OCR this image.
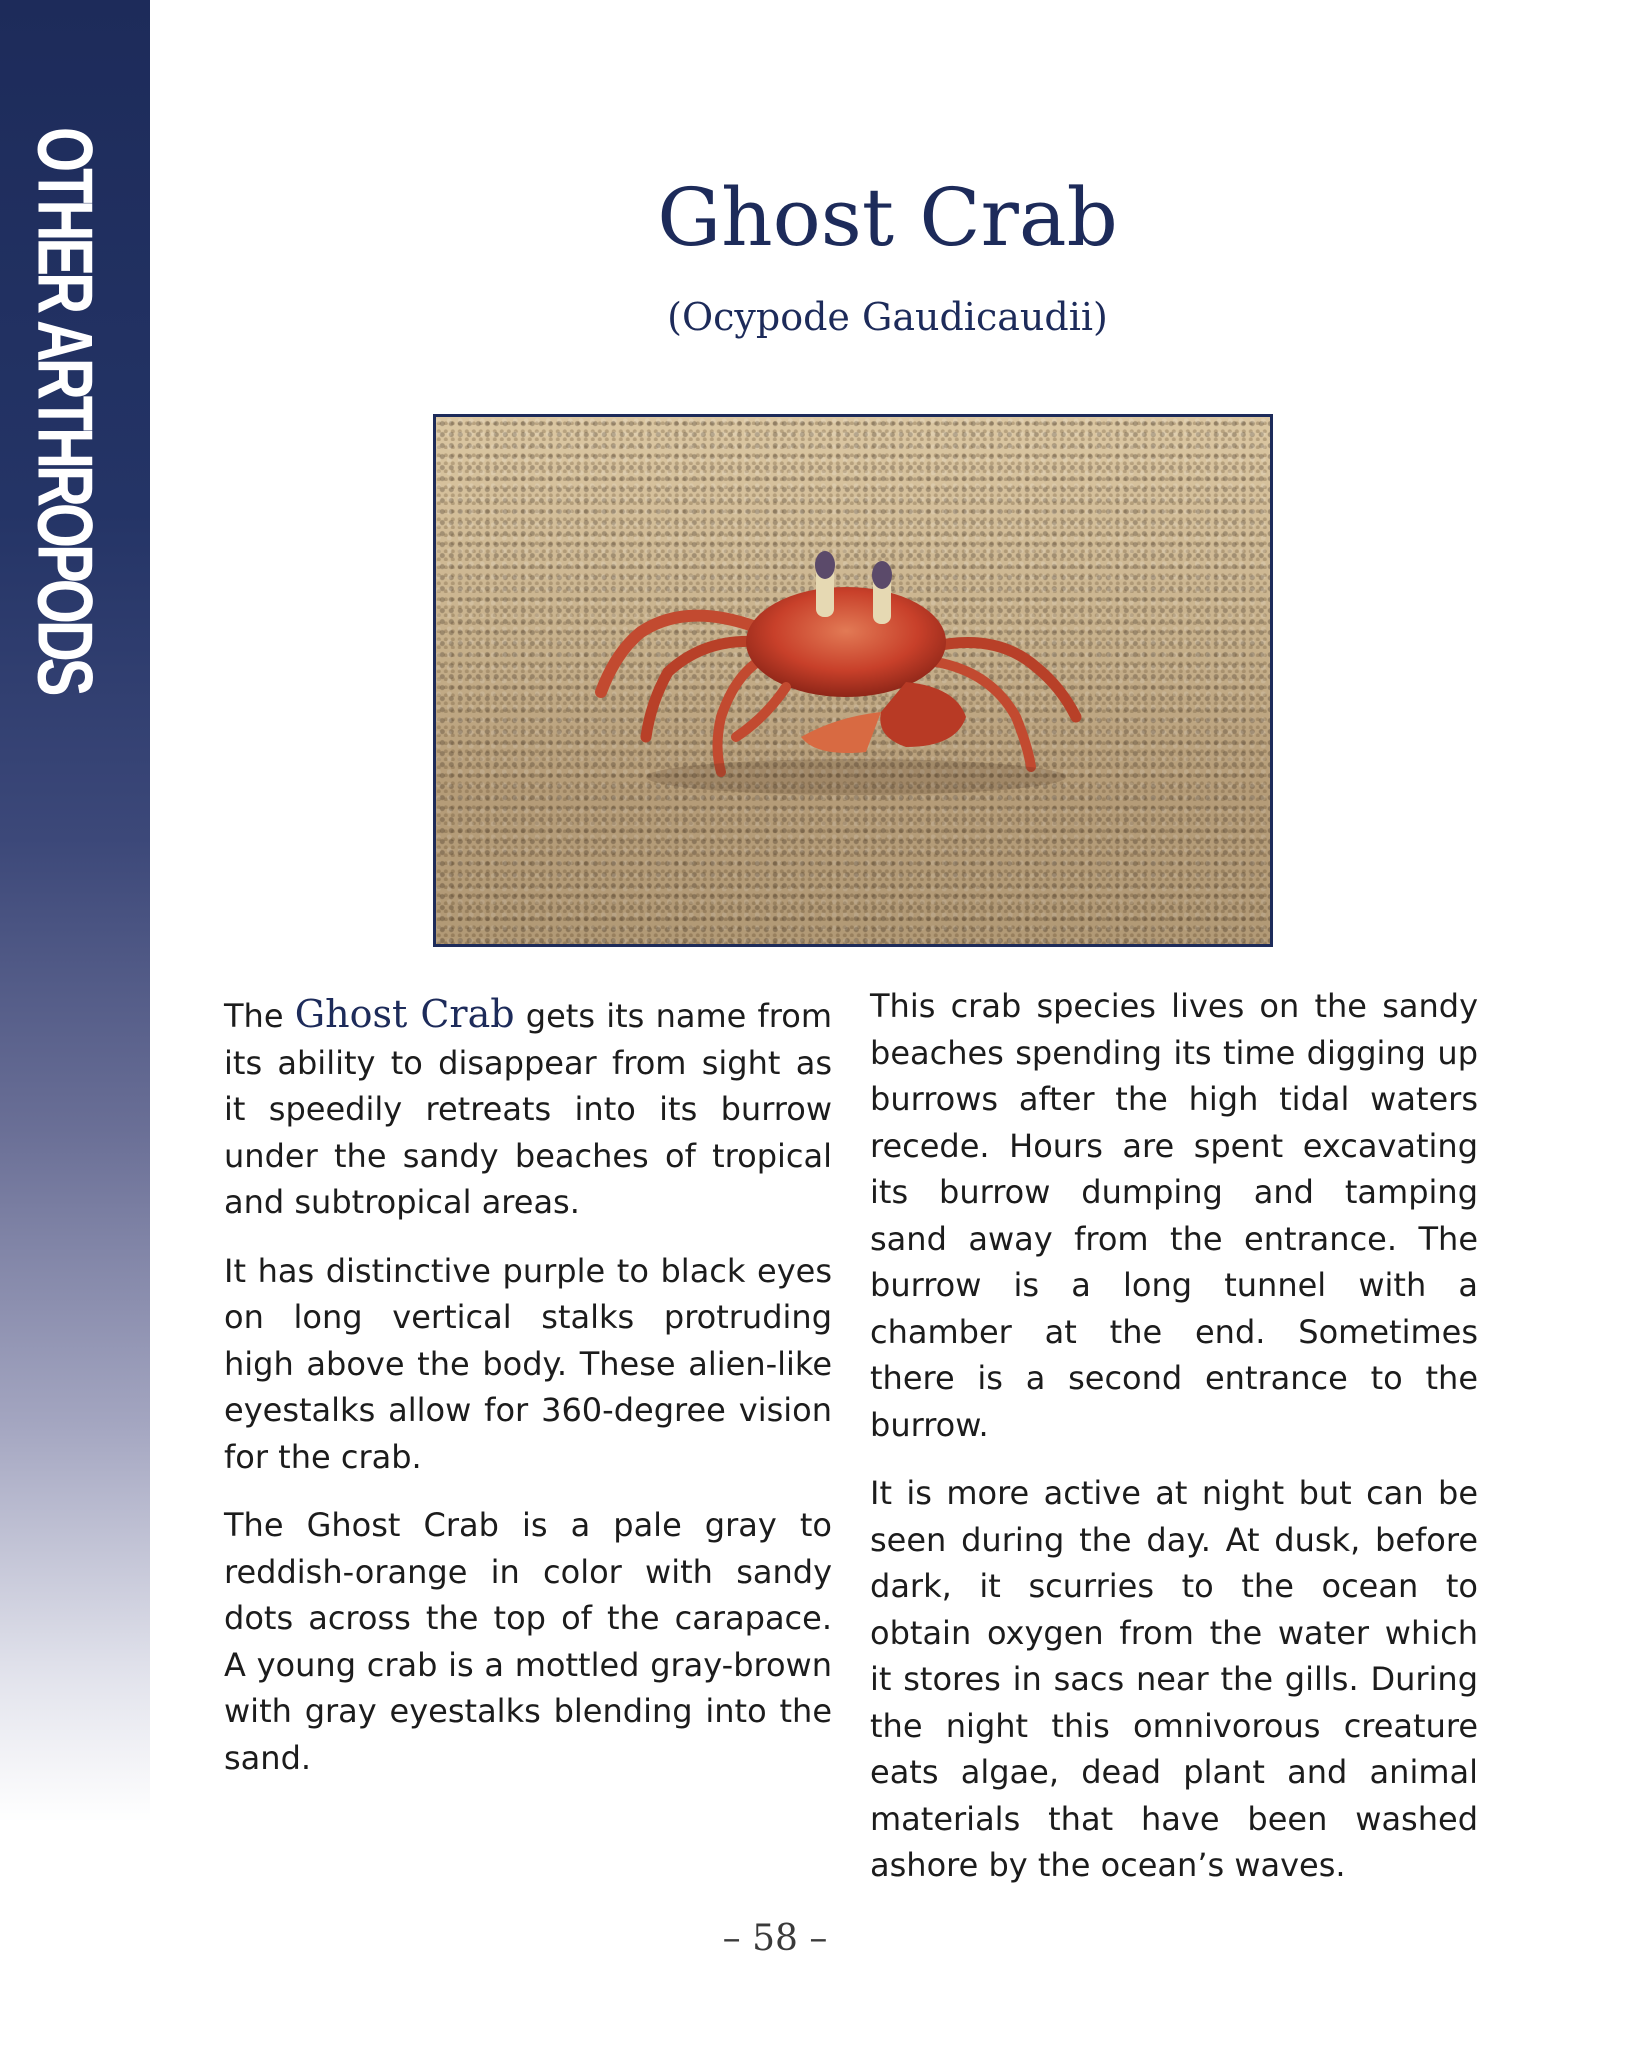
OTHER ARTHROPODS	Ghost Crab
(Ocypode Gaudicaudii)

The Ghost Crab gets its name from its ability to disappear from sight as it speedily retreats into its burrow under the sandy beaches of tropical and subtropical areas.

It has distinctive purple to black eyes on long vertical stalks protruding high above the body. These alien-like eyestalks allow for 360-degree vision for the crab.

The Ghost Crab is a pale gray to reddish-orange in color with sandy dots across the top of the carapace. A young crab is a mottled gray-brown with gray eyestalks blending into the sand.

This crab species lives on the sandy beaches spending its time digging up burrows after the high tidal waters recede. Hours are spent excavating its burrow dumping and tamping sand away from the entrance. The burrow is a long tunnel with a chamber at the end. Sometimes there is a second entrance to the burrow.

It is more active at night but can be seen during the day. At dusk, before dark, it scurries to the ocean to obtain oxygen from the water which it stores in sacs near the gills. During the night this omnivorous creature eats algae, dead plant and animal materials that have been washed ashore by the ocean’s waves.

– 58 –
